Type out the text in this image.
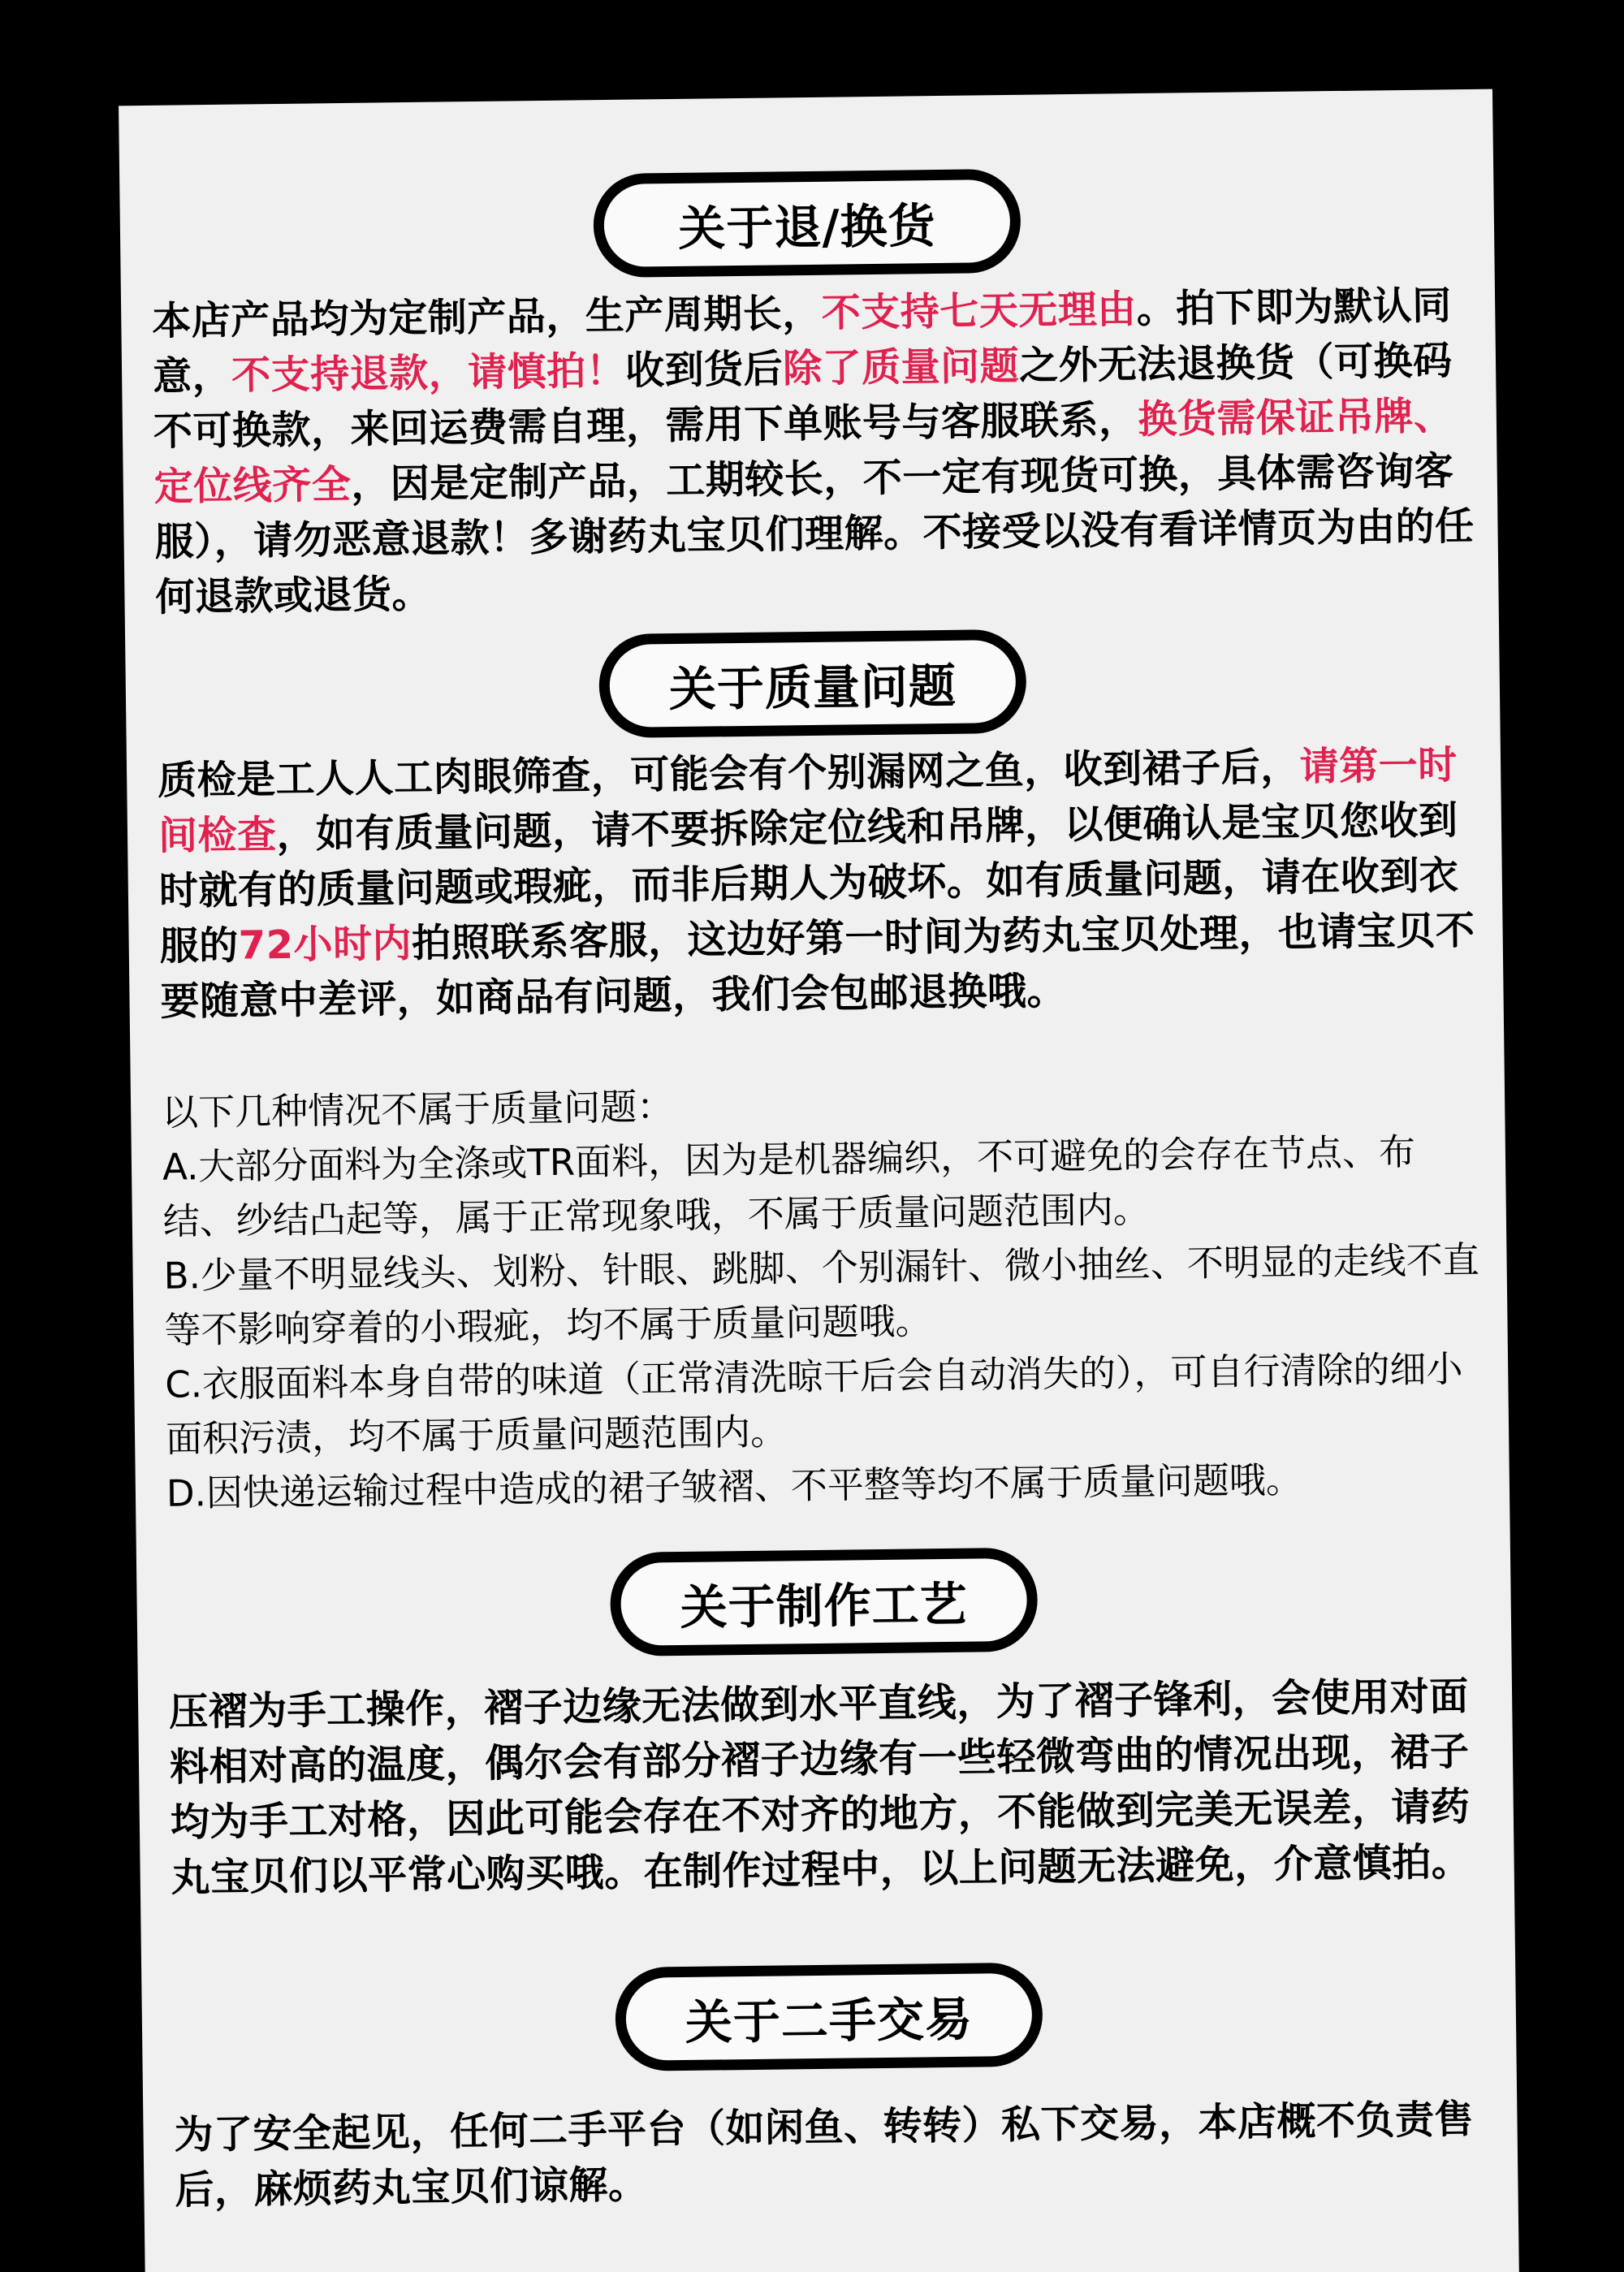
关于退/换货
本店产品均为定制产品，生产周期长，不支持七天无理由。拍下即为默认同意，不支持退款，请慎拍！收到货后除了质量问题之外无法退换货（可换码不可换款，来回运费需自理，需用下单账号与客服联系，换货需保证吊牌、定位线齐全，因是定制产品，工期较长，不一定有现货可换，具体需咨询客服），请勿恶意退款！多谢药丸宝贝们理解。不接受以没有看详情页为由的任何退款或退货。
关于质量问题
质检是工人人工肉眼筛查，可能会有个别漏网之鱼，收到裙子后，请第一时间检查，如有质量问题，请不要拆除定位线和吊牌，以便确认是宝贝您收到时就有的质量问题或瑕疵，而非后期人为破坏。如有质量问题，请在收到衣服的72小时内拍照联系客服，这边好第一时间为药丸宝贝处理，也请宝贝不要随意中差评，如商品有问题，我们会包邮退换哦。
以下几种情况不属于质量问题：
A.大部分面料为全涤或TR面料，因为是机器编织，不可避免的会存在节点、布结、纱结凸起等，属于正常现象哦，不属于质量问题范围内。
B.少量不明显线头、划粉、针眼、跳脚、个别漏针、微小抽丝、不明显的走线不直等不影响穿着的小瑕疵，均不属于质量问题哦。
C.衣服面料本身自带的味道（正常清洗晾干后会自动消失的），可自行清除的细小面积污渍，均不属于质量问题范围内。
D.因快递运输过程中造成的裙子皱褶、不平整等均不属于质量问题哦。
关于制作工艺
压褶为手工操作，褶子边缘无法做到水平直线，为了褶子锋利，会使用对面料相对高的温度，偶尔会有部分褶子边缘有一些轻微弯曲的情况出现，裙子均为手工对格，因此可能会存在不对齐的地方，不能做到完美无误差，请药丸宝贝们以平常心购买哦。在制作过程中，以上问题无法避免，介意慎拍。
关于二手交易
为了安全起见，任何二手平台（如闲鱼、转转）私下交易，本店概不负责售后，麻烦药丸宝贝们谅解。
